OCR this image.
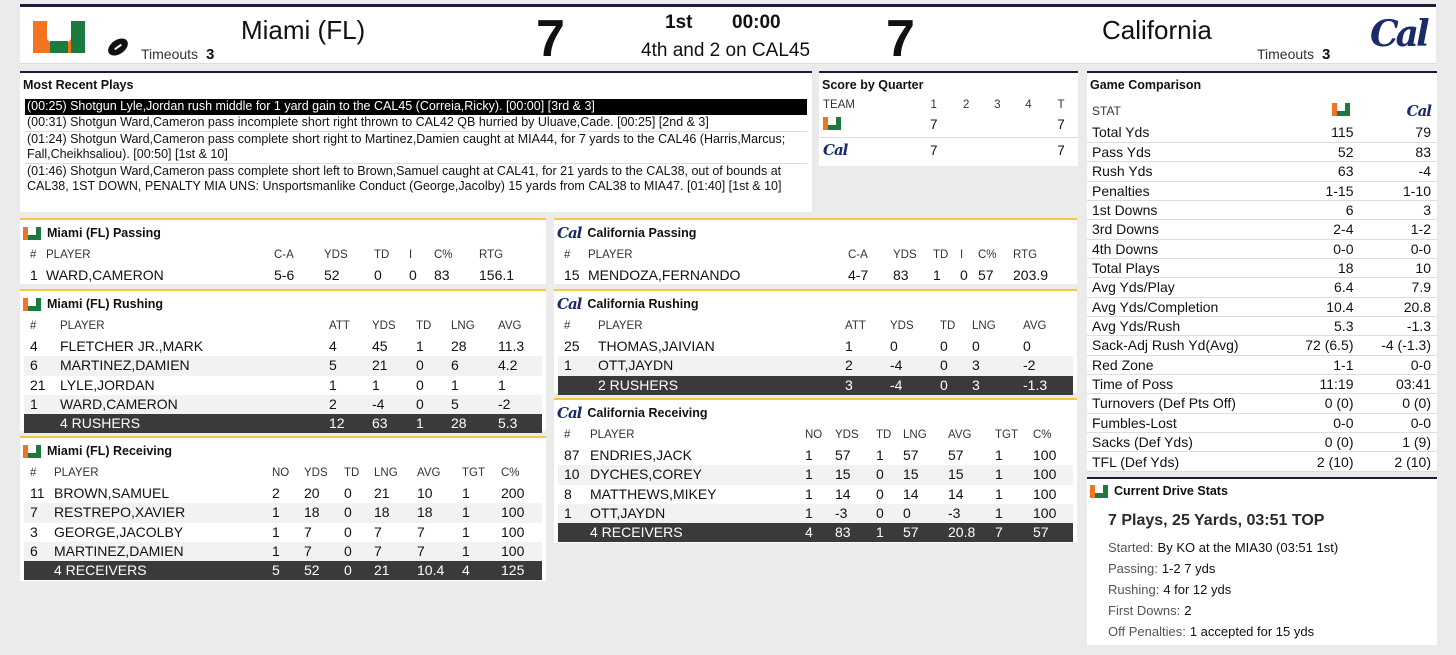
Timeouts 3
Miami (FL)	7	1st 00:00
4th and 2 on CAL45 7	California
Timeouts 3 Cal
Most Recent Plays
(00:25) Shotgun Lyle,Jordan rush middle for 1 yard gain to the CAL45 (Correia,Ricky). [00:00] [3rd & 3]
(00:31) Shotgun Ward,Cameron pass incomplete short right thrown to CAL42 QB hurried by Uluave,Cade. [00:25] [2nd & 3]
(01:24) Shotgun Ward,Cameron pass complete short right to Martinez,Damien caught at MIA44, for 7 yards to the CAL46 (Harris,Marcus; Fall,Cheikhsaliou). [00:50] [1st & 10]
(01:46) Shotgun Ward,Cameron pass complete short left to Brown,Samuel caught at CAL41, for 21 yards to the CAL38, out of bounds at CAL38, 1ST DOWN, PENALTY MIA UNS: Unsportsmanlike Conduct (George,Jacolby) 15 yards from CAL38 to MIA47. [01:40] [1st & 10]
Score by Quarter
TEAM	1	2	3	4	T

	7				7
Cal	7				7
Game Comparison
STAT		Cal
Total Yds	115	79
Pass Yds	52	83
Rush Yds	63	-4
Penalties	1-15	1-10
1st Downs	6	3
3rd Downs	2-4	1-2
4th Downs	0-0	0-0
Total Plays	18	10
Avg Yds/Play	6.4	7.9
Avg Yds/Completion	10.4	20.8
Avg Yds/Rush	5.3	-1.3
Sack-Adj Rush Yd(Avg)	72 (6.5)	-4 (-1.3)
Red Zone	1-1	0-0
Time of Poss	11:19	03:41
Turnovers (Def Pts Off)	0 (0)	0 (0)
Fumbles-Lost	0-0	0-0
Sacks (Def Yds)	0 (0)	1 (9)
TFL (Def Yds)	2 (10)	2 (10)
Current Drive Stats
7 Plays, 25 Yards, 03:51 TOP
Started: By KO at the MIA30 (03:51 1st)
Passing: 1-2 7 yds
Rushing: 4 for 12 yds
First Downs: 2
Off Penalties: 1 accepted for 15 yds
Miami (FL) Passing
# PLAYER	C-A	YDS TD I C% RTG
1 WARD,CAMERON	5-6 52 0 0 83 156.1
Miami (FL) Rushing
# PLAYER	ATT YDS TD LNG AVG
4 FLETCHER JR.,MARK	4	45 1 28 11.3
6 MARTINEZ,DAMIEN	5	21 0 6	4.2
21 LYLE,JORDAN	1	1	0 1	1
1 WARD,CAMERON	2	-4 0 5	-2
4 RUSHERS	12 63 1 28 5.3
Miami (FL) Receiving
# PLAYER	NO YDS TD LNG AVG TGT C%
11 BROWN,SAMUEL	2 20 0 21 10 1 200
7 RESTREPO,XAVIER	1 18 0 18 18 1 100
3 GEORGE,JACOLBY	1 7 0 7	7	1 100
6 MARTINEZ,DAMIEN	1 7 0 7	7	1 100
4 RECEIVERS	5 52 0 21 10.4 4 125
Cal California Passing
# PLAYER	C-A YDS TD I C% RTG
15 MENDOZA,FERNANDO	4-7 83 1 0 57 203.9
Cal California Rushing
# PLAYER	ATT YDS TD LNG AVG
25 THOMAS,JAIVIAN	1	0	0 0	0
1 OTT,JAYDN	2	-4	0 3	-2
2 RUSHERS	3	-4	0 3	-1.3
Cal California Receiving
# PLAYER	NO YDS TD LNG AVG TGT C%
87 ENDRIES,JACK	1 57 1 57 57 1 100
10 DYCHES,COREY	1 15 0 15 15 1 100
8 MATTHEWS,MIKEY	1 14 0 14 14 1 100
1 OTT,JAYDN	1 -3 0 0	-3 1 100
4 RECEIVERS	4 83 1 57 20.8 7 57
